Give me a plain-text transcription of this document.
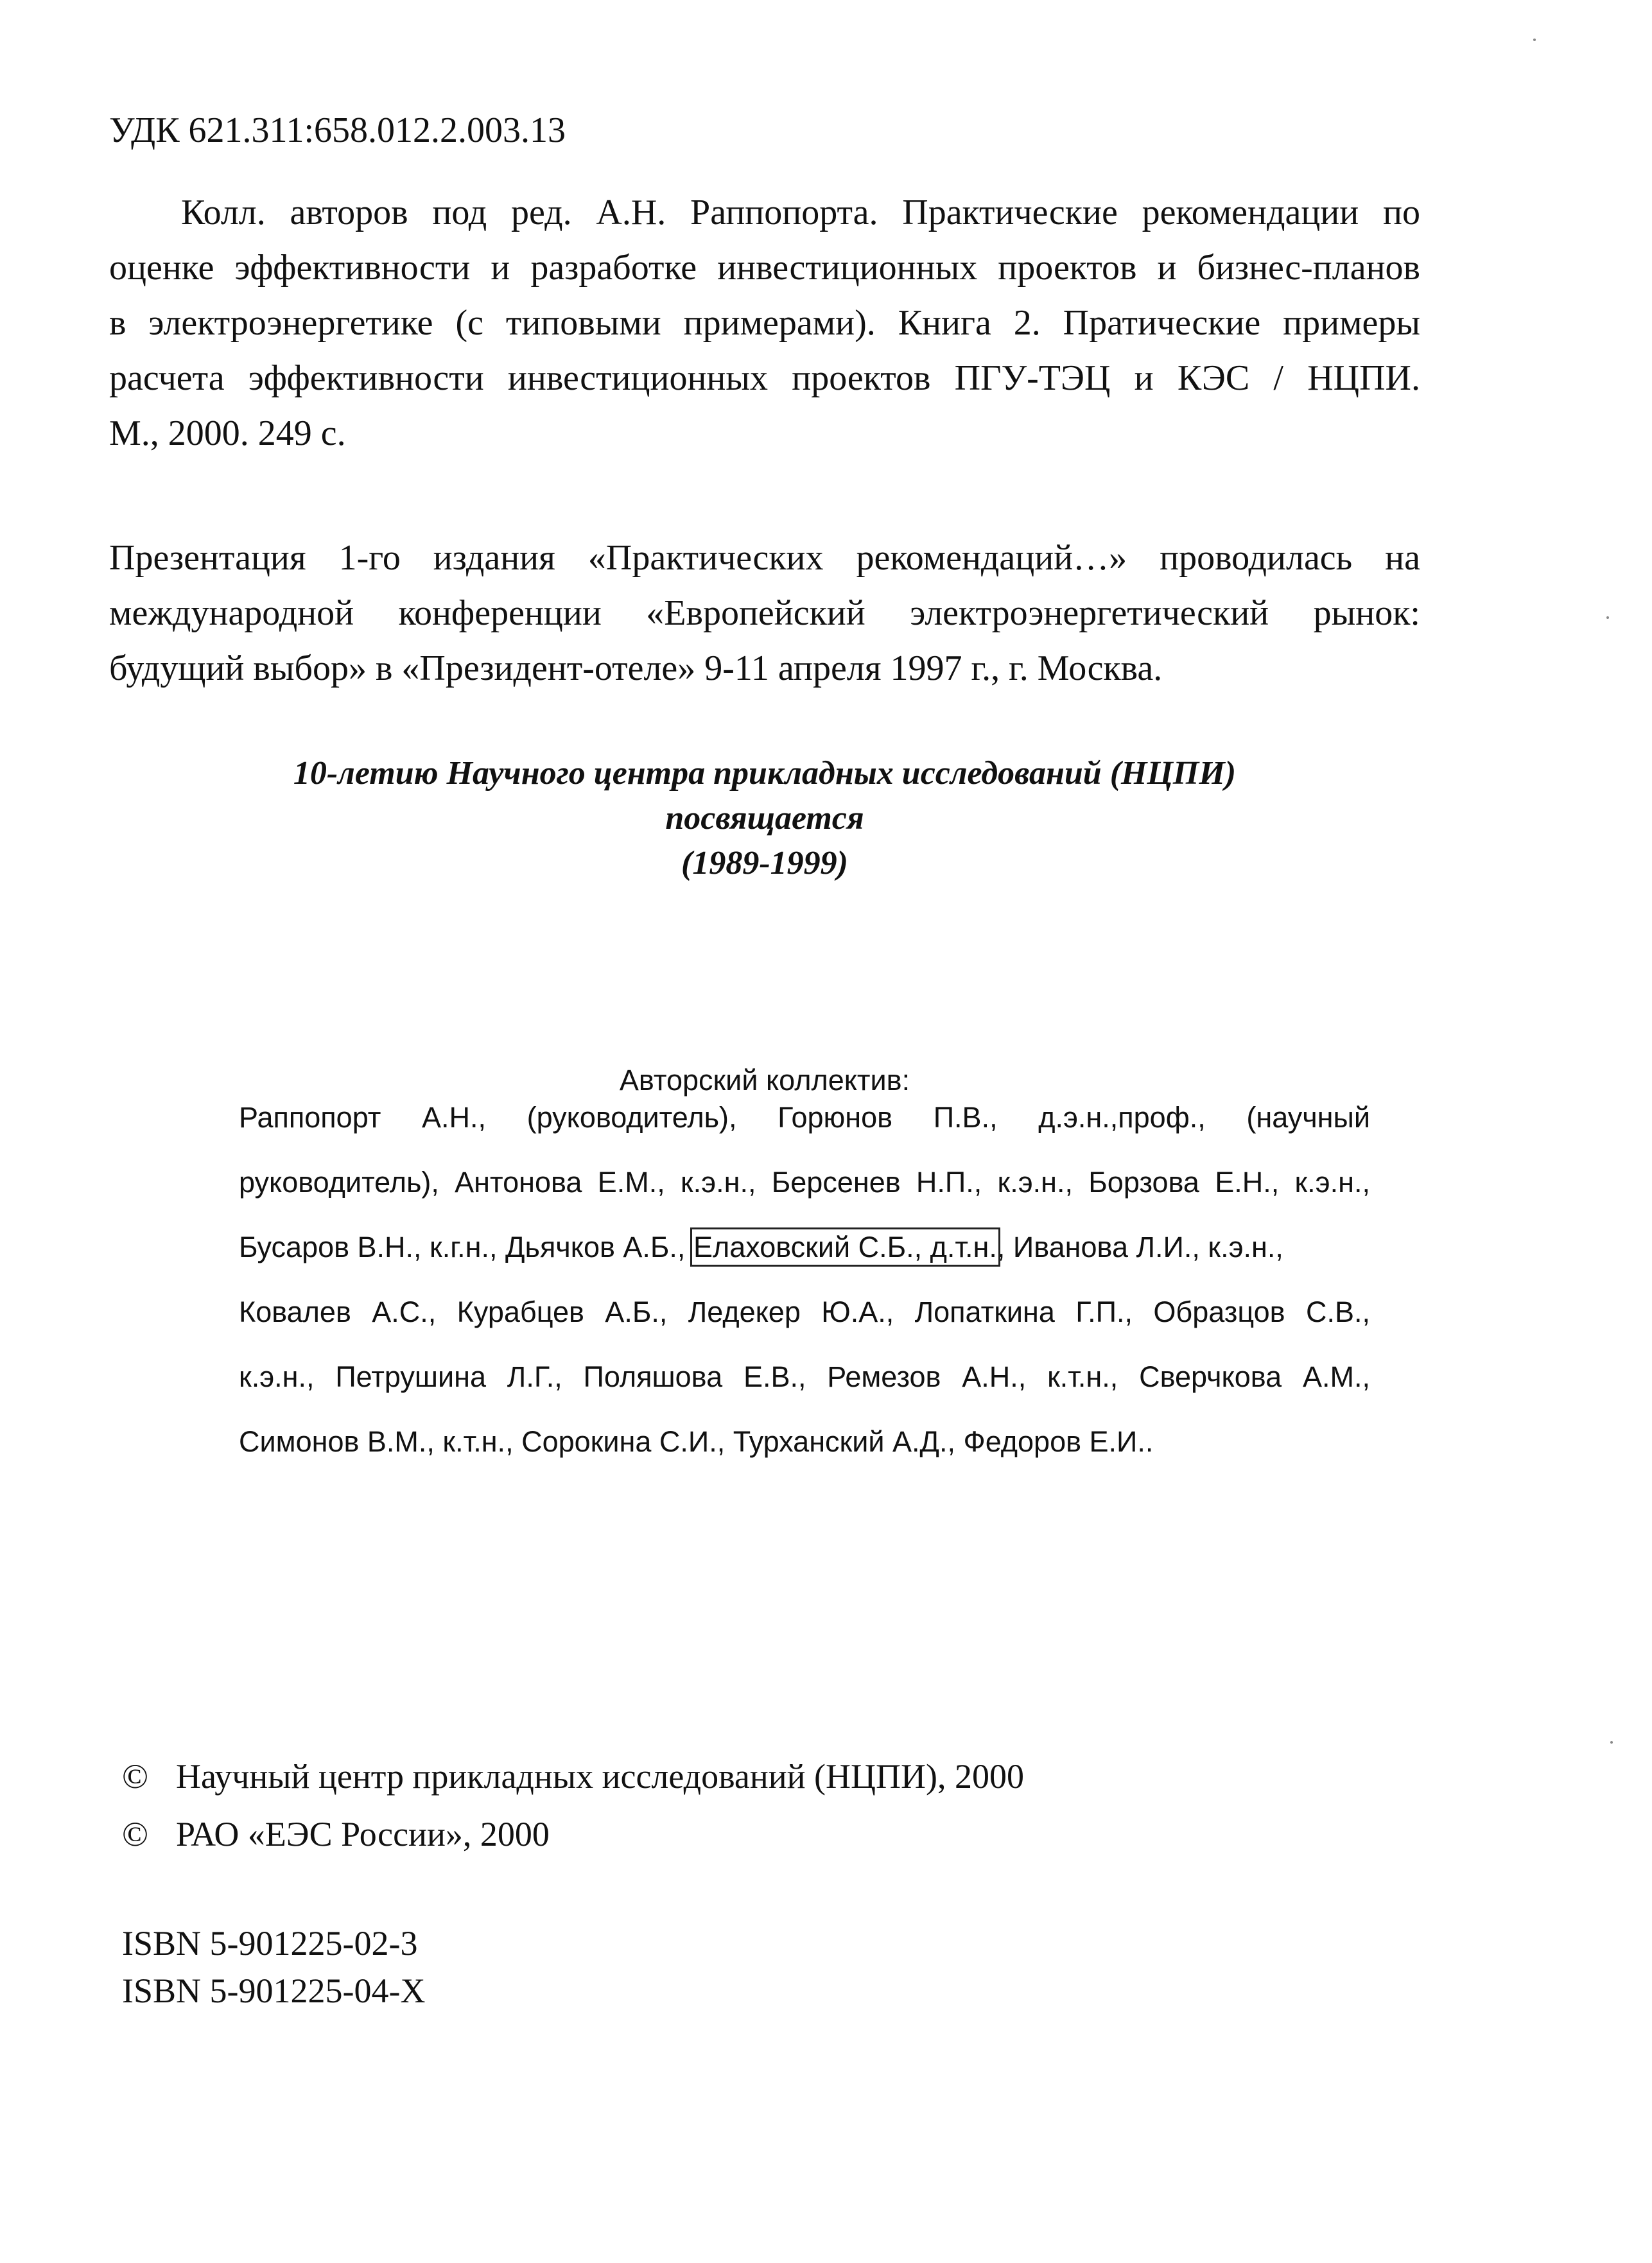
УДК 621.311:658.012.2.003.13
Колл. авторов под ред. А.Н. Раппопорта. Практические рекомендации по
оценке эффективности и разработке инвестиционных проектов и бизнес-планов
в электроэнергетике (с типовыми примерами). Книга 2. Пратические примеры
расчета эффективности инвестиционных проектов ПГУ-ТЭЦ и КЭС / НЦПИ.
М., 2000. 249 с.
Презентация 1-го издания «Практических рекомендаций…» проводилась на
международной конференции «Европейский электроэнергетический рынок:
будущий выбор» в «Президент-отеле» 9-11 апреля 1997 г., г. Москва.
10-летию Научного центра прикладных исследований (НЦПИ)
посвящается
(1989-1999)
Авторский коллектив:
Раппопорт А.Н., (руководитель), Горюнов П.В., д.э.н.,проф., (научный
руководитель), Антонова Е.М., к.э.н., Берсенев Н.П., к.э.н., Борзова Е.Н., к.э.н.,
Бусаров В.Н., к.г.н., Дьячков А.Б., Елаховский С.Б., д.т.н., Иванова Л.И., к.э.н.,
Ковалев А.С., Курабцев А.Б., Ледекер Ю.А., Лопаткина Г.П., Образцов С.В.,
к.э.н., Петрушина Л.Г., Поляшова Е.В., Ремезов А.Н., к.т.н., Сверчкова А.М.,
Симонов В.М., к.т.н., Сорокина С.И., Турханский А.Д., Федоров Е.И..
© Научный центр прикладных исследований (НЦПИ), 2000
© РАО «ЕЭС России», 2000
ISBN 5-901225-02-3
ISBN 5-901225-04-X
